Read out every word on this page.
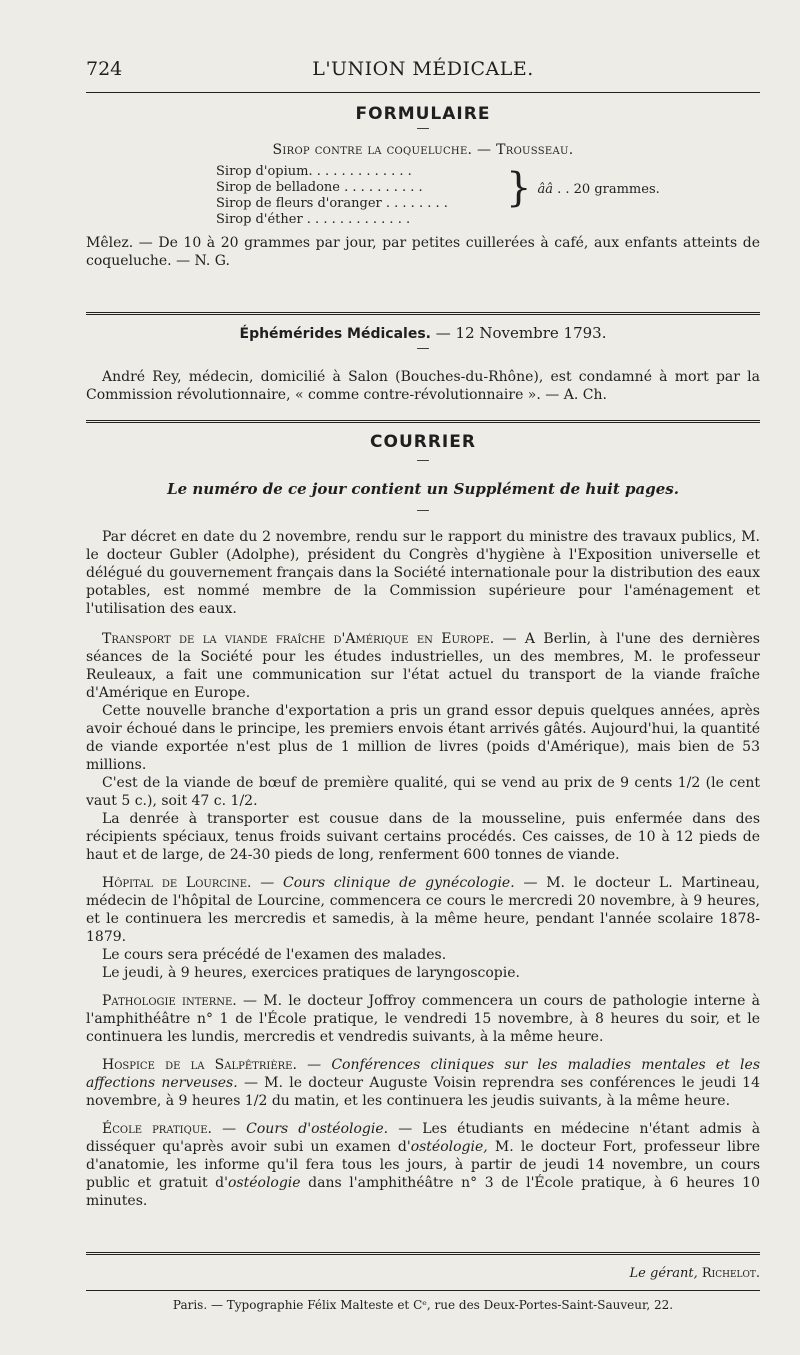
724	L'UNION MÉDICALE.
FORMULAIRE
—
Sirop contre la coqueluche. — Trousseau.
Sirop d'opium. . . . . . . . . . . . .
Sirop de belladone . . . . . . . . . .
Sirop de fleurs d'oranger . . . . . . . .
Sirop d'éther . . . . . . . . . . . . .
} ââ . . 20 grammes.

Mêlez. — De 10 à 20 grammes par jour, par petites cuillerées à café, aux enfants atteints de coqueluche. — N. G.

Éphémérides Médicales. — 12 Novembre 1793.
—

André Rey, médecin, domicilié à Salon (Bouches-du-Rhône), est condamné à mort par la Commission révolutionnaire, « comme contre-révolutionnaire ». — A. Ch.

COURRIER
—
Le numéro de ce jour contient un Supplément de huit pages.
—

Par décret en date du 2 novembre, rendu sur le rapport du ministre des travaux publics, M. le docteur Gubler (Adolphe), président du Congrès d'hygiène à l'Exposition universelle et délégué du gouvernement français dans la Société internationale pour la distribution des eaux potables, est nommé membre de la Commission supérieure pour l'aménagement et l'utilisation des eaux.

Transport de la viande fraîche d'Amérique en Europe. — A Berlin, à l'une des dernières séances de la Société pour les études industrielles, un des membres, M. le professeur Reuleaux, a fait une communication sur l'état actuel du transport de la viande fraîche d'Amérique en Europe.

Cette nouvelle branche d'exportation a pris un grand essor depuis quelques années, après avoir échoué dans le principe, les premiers envois étant arrivés gâtés. Aujourd'hui, la quantité de viande exportée n'est plus de 1 million de livres (poids d'Amérique), mais bien de 53 millions.

C'est de la viande de bœuf de première qualité, qui se vend au prix de 9 cents 1/2 (le cent vaut 5 c.), soit 47 c. 1/2.

La denrée à transporter est cousue dans de la mousseline, puis enfermée dans des récipients spéciaux, tenus froids suivant certains procédés. Ces caisses, de 10 à 12 pieds de haut et de large, de 24-30 pieds de long, renferment 600 tonnes de viande.

Hôpital de Lourcine. — Cours clinique de gynécologie. — M. le docteur L. Martineau, médecin de l'hôpital de Lourcine, commencera ce cours le mercredi 20 novembre, à 9 heures, et le continuera les mercredis et samedis, à la même heure, pendant l'année scolaire 1878-1879.

Le cours sera précédé de l'examen des malades.

Le jeudi, à 9 heures, exercices pratiques de laryngoscopie.

Pathologie interne. — M. le docteur Joffroy commencera un cours de pathologie interne à l'amphithéâtre n° 1 de l'École pratique, le vendredi 15 novembre, à 8 heures du soir, et le continuera les lundis, mercredis et vendredis suivants, à la même heure.

Hospice de la Salpêtrière. — Conférences cliniques sur les maladies mentales et les affections nerveuses. — M. le docteur Auguste Voisin reprendra ses conférences le jeudi 14 novembre, à 9 heures 1/2 du matin, et les continuera les jeudis suivants, à la même heure.

École pratique. — Cours d'ostéologie. — Les étudiants en médecine n'étant admis à disséquer qu'après avoir subi un examen d'ostéologie, M. le docteur Fort, professeur libre d'anatomie, les informe qu'il fera tous les jours, à partir de jeudi 14 novembre, un cours public et gratuit d'ostéologie dans l'amphithéâtre n° 3 de l'École pratique, à 6 heures 10 minutes.

Le gérant, Richelot.
Paris. — Typographie Félix Malteste et Cᵉ, rue des Deux-Portes-Saint-Sauveur, 22.
